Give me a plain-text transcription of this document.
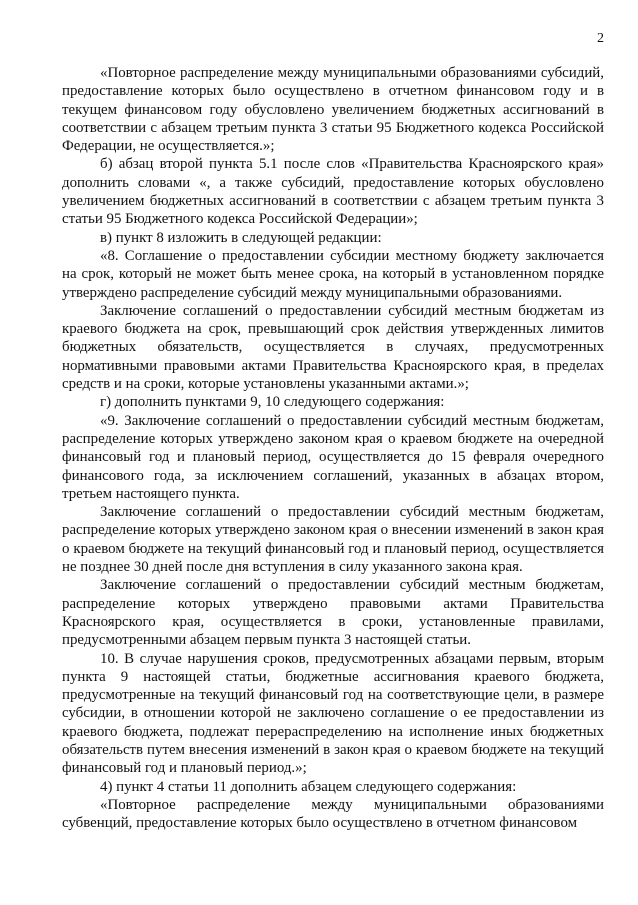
2

«Повторное распределение между муниципальными образованиями субсидий, предоставление которых было осуществлено в отчетном финансовом году и в текущем финансовом году обусловлено увеличением бюджетных ассигнований в соответствии с абзацем третьим пункта 3 статьи 95 Бюджетного кодекса Российской Федерации, не осуществляется.»;

б) абзац второй пункта 5.1 после слов «Правительства Красноярского края» дополнить словами «, а также субсидий, предоставление которых обусловлено увеличением бюджетных ассигнований в соответствии с абзацем третьим пункта 3 статьи 95 Бюджетного кодекса Российской Федерации»;

в) пункт 8 изложить в следующей редакции:

«8. Соглашение о предоставлении субсидии местному бюджету заключается на срок, который не может быть менее срока, на который в установленном порядке утверждено распределение субсидий между муниципальными образованиями.

Заключение соглашений о предоставлении субсидий местным бюджетам из краевого бюджета на срок, превышающий срок действия утвержденных лимитов бюджетных обязательств, осуществляется в случаях, предусмотренных нормативными правовыми актами Правительства Красноярского края, в пределах средств и на сроки, которые установлены указанными актами.»;

г) дополнить пунктами 9, 10 следующего содержания:

«9. Заключение соглашений о предоставлении субсидий местным бюджетам, распределение которых утверждено законом края о краевом бюджете на очередной финансовый год и плановый период, осуществляется до 15 февраля очередного финансового года, за исключением соглашений, указанных в абзацах втором, третьем настоящего пункта.

Заключение соглашений о предоставлении субсидий местным бюджетам, распределение которых утверждено законом края о внесении изменений в закон края о краевом бюджете на текущий финансовый год и плановый период, осуществляется не позднее 30 дней после дня вступления в силу указанного закона края.

Заключение соглашений о предоставлении субсидий местным бюджетам, распределение которых утверждено правовыми актами Правительства Красноярского края, осуществляется в сроки, установленные правилами, предусмотренными абзацем первым пункта 3 настоящей статьи.

10. В случае нарушения сроков, предусмотренных абзацами первым, вторым пункта 9 настоящей статьи, бюджетные ассигнования краевого бюджета, предусмотренные на текущий финансовый год на соответствующие цели, в размере субсидии, в отношении которой не заключено соглашение о ее предоставлении из краевого бюджета, подлежат перераспределению на исполнение иных бюджетных обязательств путем внесения изменений в закон края о краевом бюджете на текущий финансовый год и плановый период.»;

4) пункт 4 статьи 11 дополнить абзацем следующего содержания:

«Повторное распределение между муниципальными образованиями субвенций, предоставление которых было осуществлено в отчетном финансовом
